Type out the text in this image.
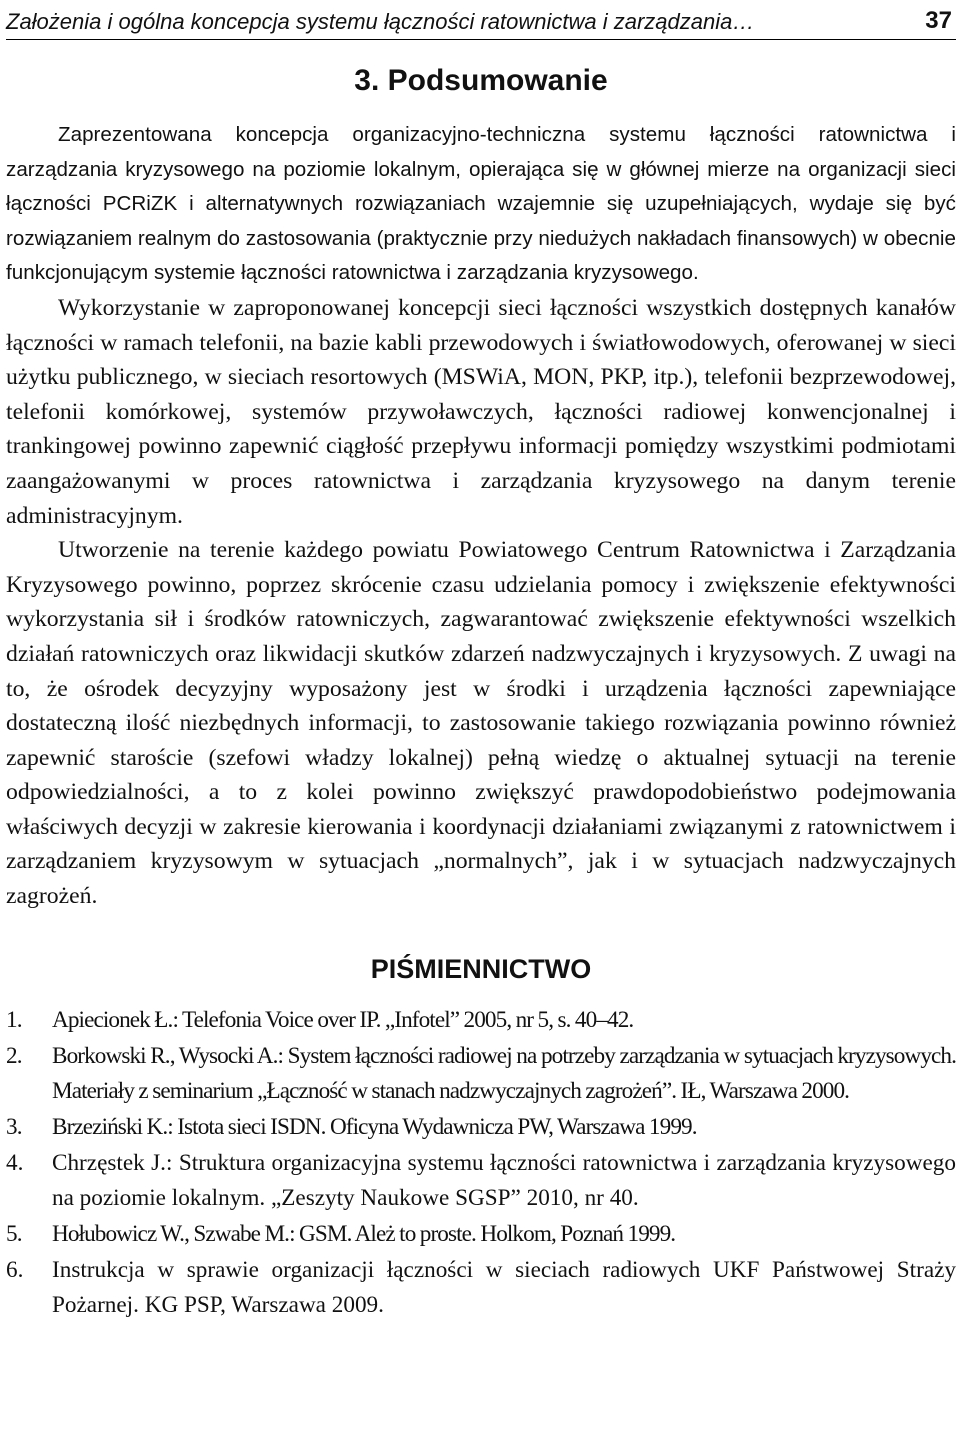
Założenia i ogólna koncepcja systemu łączności ratownictwa i zarządzania…	37
3. Podsumowanie

Zaprezentowana koncepcja organizacyjno-techniczna systemu łączności ratownictwa i zarządzania kryzysowego na poziomie lokalnym, opierająca się w głównej mierze na organizacji sieci łączności PCRiZK i alternatywnych rozwiązaniach wzajemnie się uzupełniających, wydaje się być rozwiązaniem realnym do zastosowania (praktycznie przy niedużych nakładach finansowych) w obecnie funkcjonującym systemie łączności ratownictwa i zarządzania kryzysowego.

Wykorzystanie w zaproponowanej koncepcji sieci łączności wszystkich dostępnych kanałów łączności w ramach telefonii, na bazie kabli przewodowych i światłowodowych, oferowanej w sieci użytku publicznego, w sieciach resortowych (MSWiA, MON, PKP, itp.), telefonii bezprzewodowej, telefonii komórkowej, systemów przywoławczych, łączności radiowej konwencjonalnej i trankingowej powinno zapewnić ciągłość przepływu informacji pomiędzy wszystkimi podmiotami zaangażowanymi w proces ratownictwa i zarządzania kryzysowego na danym terenie administracyjnym.

Utworzenie na terenie każdego powiatu Powiatowego Centrum Ratownictwa i Zarządzania Kryzysowego powinno, poprzez skrócenie czasu udzielania pomocy i zwiększenie efektywności wykorzystania sił i środków ratowniczych, zagwarantować zwiększenie efektywności wszelkich działań ratowniczych oraz likwidacji skutków zdarzeń nadzwyczajnych i kryzysowych. Z uwagi na to, że ośrodek decyzyjny wyposażony jest w środki i urządzenia łączności zapewniające dostateczną ilość niezbędnych informacji, to zastosowanie takiego rozwiązania powinno również zapewnić staroście (szefowi władzy lokalnej) pełną wiedzę o aktualnej sytuacji na terenie odpowiedzialności, a to z kolei powinno zwiększyć prawdopodobieństwo podejmowania właściwych decyzji w zakresie kierowania i koordynacji działaniami związanymi z ratownictwem i zarządzaniem kryzysowym w sytuacjach „normalnych”, jak i w sytuacjach nadzwyczajnych zagrożeń.

PIŚMIENNICTWO
1. Apiecionek Ł.: Telefonia Voice over IP. „Infotel” 2005, nr 5, s. 40–42.
2. Borkowski R., Wysocki A.: System łączności radiowej na potrzeby zarządzania w sytuacjach kryzysowych. Materiały z seminarium „Łączność w stanach nadzwyczajnych zagrożeń”. IŁ, Warszawa 2000.
3. Brzeziński K.: Istota sieci ISDN. Oficyna Wydawnicza PW, Warszawa 1999.
4. Chrzęstek J.: Struktura organizacyjna systemu łączności ratownictwa i zarządzania kryzysowego na poziomie lokalnym. „Zeszyty Naukowe SGSP” 2010, nr 40.
5. Hołubowicz W., Szwabe M.: GSM. Ależ to proste. Holkom, Poznań 1999.
6. Instrukcja w sprawie organizacji łączności w sieciach radiowych UKF Państwowej Straży Pożarnej. KG PSP, Warszawa 2009.
